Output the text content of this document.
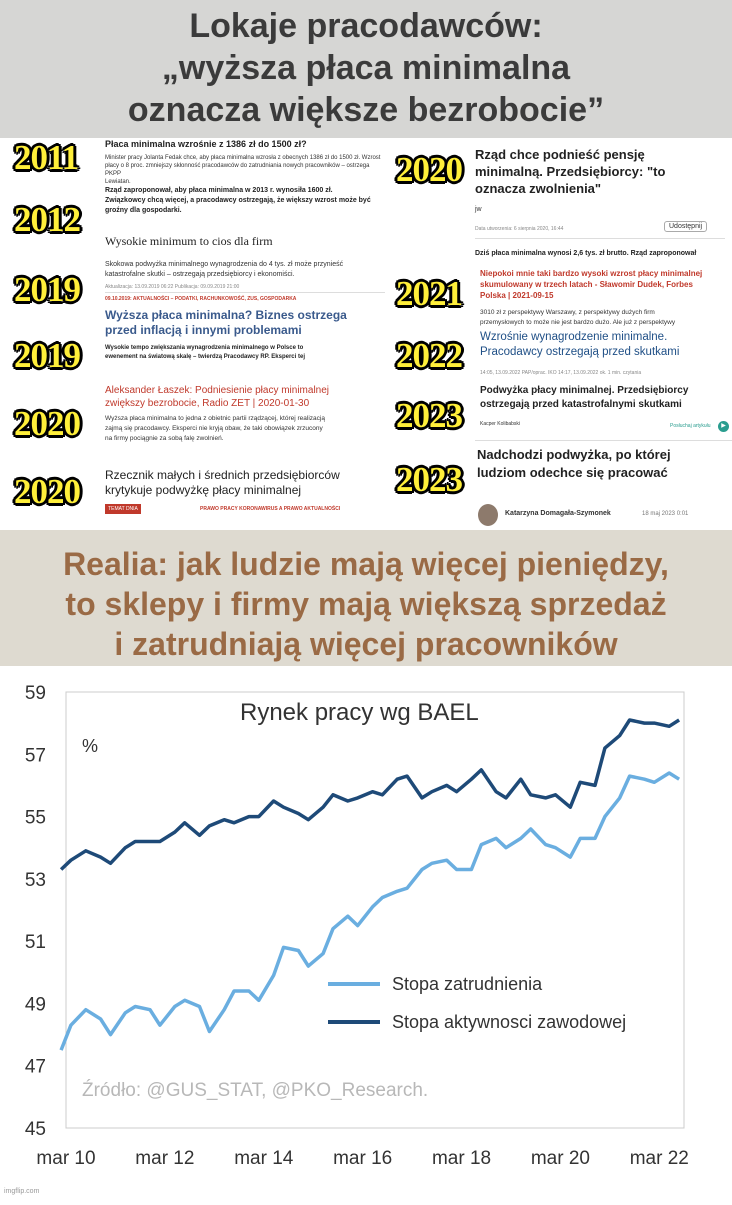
Lokaje pracodawców:
„wyższa płaca minimalna
oznacza większe bezrobocie”
2011
2012
2019
2019
2020
2020
2020
2021
2022
2023
2023
Płaca minimalna wzrośnie z 1386 zł do 1500 zł?
Minister pracy Jolanta Fedak chce, aby płaca minimalna wzrosła z obecnych 1386 zł do 1500 zł. Wzrost
płacy o 8 proc. zmniejszy skłonność pracodawców do zatrudniania nowych pracowników – ostrzega PKPP
Lewiatan.
Rząd zaproponował, aby płaca minimalna w 2013 r. wynosiła 1600 zł.
Związkowcy chcą więcej, a pracodawcy ostrzegają, że większy wzrost może być
groźny dla gospodarki.
Wysokie minimum to cios dla firm
Skokowa podwyżka minimalnego wynagrodzenia do 4 tys. zł może przynieść
katastrofalne skutki – ostrzegają przedsiębiorcy i ekonomiści.
Aktualizacja: 13.09.2019 06:22 Publikacja: 09.09.2019 21:00
09.10.2019: AKTUALNOŚCI – PODATKI, RACHUNKOWOŚĆ, ZUS, GOSPODARKA
Wyższa płaca minimalna? Biznes ostrzega
przed inflacją i innymi problemami
Wysokie tempo zwiększania wynagrodzenia minimalnego w Polsce to
ewenement na światową skalę – twierdzą Pracodawcy RP. Eksperci tej
Aleksander Łaszek: Podniesienie płacy minimalnej
zwiększy bezrobocie, Radio ZET | 2020-01-30
Wyższa płaca minimalna to jedna z obietnic partii rządzącej, której realizacją
zajmą się pracodawcy. Eksperci nie kryją obaw, że taki obowiązek zrzucony
na firmy pociągnie za sobą falę zwolnień.
Rzecznik małych i średnich przedsiębiorców
krytykuje podwyżkę płacy minimalnej
TEMAT DNIA	PRAWO PRACY KORONAWIRUS A PRAWO AKTUALNOŚCI
Rząd chce podnieść pensję
minimalną. Przedsiębiorcy: "to
oznacza zwolnienia"
jw
Data utworzenia: 6 sierpnia 2020, 16:44	Udostępnij
Dziś płaca minimalna wynosi 2,6 tys. zł brutto. Rząd zaproponował
Niepokoi mnie taki bardzo wysoki wzrost płacy minimalnej
skumulowany w trzech latach - Sławomir Dudek, Forbes
Polska | 2021-09-15
3010 zł z perspektywy Warszawy, z perspektywy dużych firm
przemysłowych to może nie jest bardzo dużo. Ale już z perspektywy
Wzrośnie wynagrodzenie minimalne.
Pracodawcy ostrzegają przed skutkami
14:05, 13.09.2022 PAP/oprac. IKO 14:17, 13.09.2022 ok. 1 min. czytania
Podwyżka płacy minimalnej. Przedsiębiorcy
ostrzegają przed katastrofalnymi skutkami
Kacper Kolibabski	Posłuchaj artykułu	▶
Nadchodzi podwyżka, po której
ludziom odechce się pracować
Katarzyna Domagała-Szymonek	18 maj 2023 0:01
Realia: jak ludzie mają więcej pieniędzy,
to sklepy i firmy mają większą sprzedaż
i zatrudniają więcej pracowników
45
47
49
51
53
55
57
59
mar 10 mar 12 mar 14 mar 16 mar 18 mar 20 mar 22
Rynek pracy wg BAEL
%
Stopa zatrudnienia
Stopa aktywnosci zawodowej
Źródło: @GUS_STAT, @PKO_Research.
imgflip.com
